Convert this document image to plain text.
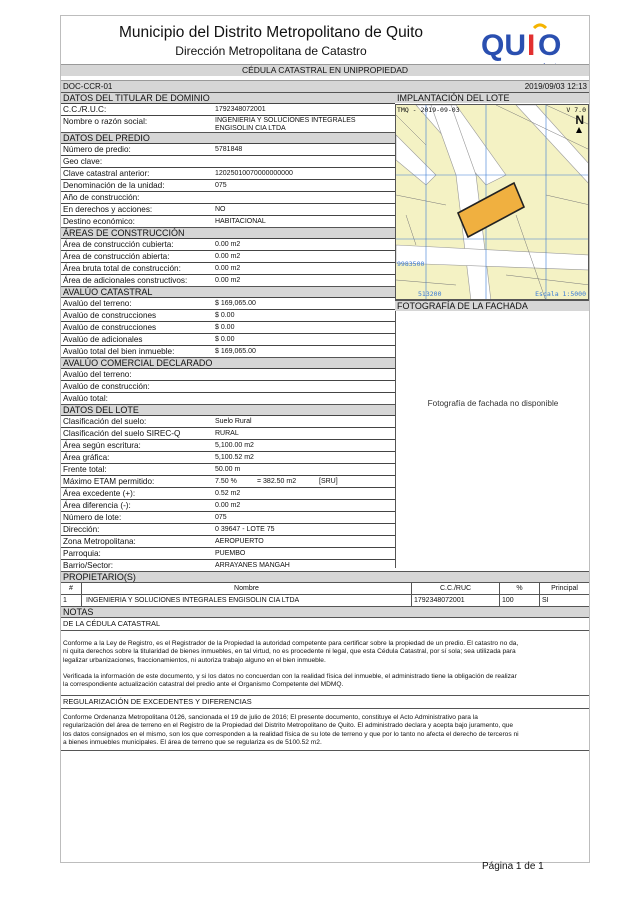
Municipio del Distrito Metropolitano de Quito
Dirección Metropolitana de Catastro	QU I O
CÉDULA CATASTRAL EN UNIPROPIEDAD
DOC-CCR-01	2019/09/03 12:13
DATOS DEL TITULAR DE DOMINIO
C.C./R.U.C:	1792348072001
Nombre o razón social:	INGENIERIA Y SOLUCIONES INTEGRALES
ENGISOLIN CIA LTDA
DATOS DEL PREDIO
Número de predio:	5781848
Geo clave:
Clave catastral anterior:	12025010070000000000
Denominación de la unidad:	075
Año de construcción:
En derechos y acciones:	NO
Destino económico:	HABITACIONAL
ÁREAS DE CONSTRUCCIÓN
Área de construcción cubierta:	0.00 m2
Área de construcción abierta:	0.00 m2
Área bruta total de construcción:	0.00 m2
Área de adicionales constructivos:	0.00 m2
AVALÚO CATASTRAL
Avalúo del terreno:	$ 169,065.00
Avalúo de construcciones	$ 0.00
Avalúo de construcciones	$ 0.00
Avalúo de adicionales	$ 0.00
Avalúo total del bien inmueble:	$ 169,065.00
AVALÚO COMERCIAL DECLARADO
Avalúo del terreno:
Avalúo de construcción:
Avalúo total:
DATOS DEL LOTE
Clasificación del suelo:	Suelo Rural
Clasificación del suelo SIREC-Q	RURAL
Área según escritura:	5,100.00 m2
Área gráfica:	5,100.52 m2
Frente total:	50.00 m
Máximo ETAM permitido:	7.50 %	= 382.50 m2	[SRU]
Área excedente (+):	0.52 m2
Área diferencia (-):	0.00 m2
Número de lote:	075
Dirección:	0 39647 - LOTE 75
Zona Metropolitana:	AEROPUERTO
Parroquia:	PUEMBO
Barrio/Sector:	ARRAYANES MANGAH
IMPLANTACIÓN DEL LOTE
TMQ - 2019-09-03	V 7.0
N
9983500
513200	Escala 1:5000
FOTOGRAFÍA DE LA FACHADA
Fotografía de fachada no disponible
PROPIETARIO(S)
#	Nombre	C.C./RUC	%	Principal
1	INGENIERIA Y SOLUCIONES INTEGRALES ENGISOLIN CIA LTDA	1792348072001	100	SI
NOTAS
DE LA CÉDULA CATASTRAL
Conforme a la Ley de Registro, es el Registrador de la Propiedad la autoridad competente para certificar sobre la propiedad de un predio. El catastro no da,
ni quita derechos sobre la titularidad de bienes inmuebles, en tal virtud, no es procedente ni legal, que esta Cédula Catastral, por sí sola; sea utilizada para
legalizar urbanizaciones, fraccionamientos, ni autoriza trabajo alguno en el bien inmueble.
Verificada la información de este documento, y si los datos no concuerdan con la realidad física del inmueble, el administrado tiene la obligación de realizar
la correspondiente actualización catastral del predio ante el Organismo Competente del MDMQ.
REGULARIZACIÓN DE EXCEDENTES Y DIFERENCIAS
Conforme Ordenanza Metropolitana 0126, sancionada el 19 de julio de 2016; El presente documento, constituye el Acto Administrativo para la
regularización del área de terreno en el Registro de la Propiedad del Distrito Metropolitano de Quito. El administrado declara y acepta bajo juramento, que
los datos consignados en el mismo, son los que corresponden a la realidad física de su lote de terreno y que por lo tanto no afecta el derecho de terceros ni
a bienes inmuebles municipales. El área de terreno que se regulariza es de 5100.52 m2.
Página 1 de 1
